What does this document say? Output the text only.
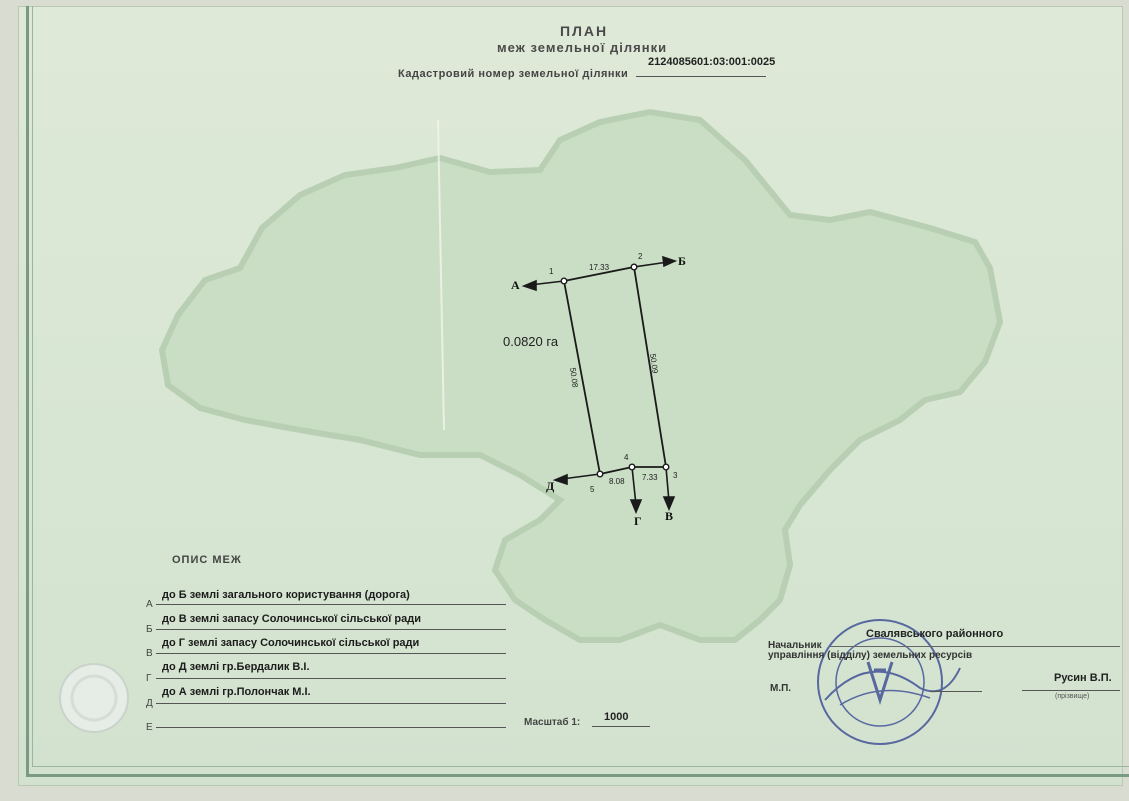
1
2
3
4
5
А
Б
В
Г
Д
17.33
8.08 7.33
50.08
50.09
ПЛАН
меж земельної ділянки
Кадастровий номер земельної ділянки
2124085601:03:001:0025
0.0820 га
ОПИС МЕЖ
А
до Б землі загального користування (дорога)
Б
до В землі запасу Солочинської сільської ради
В
до Г землі запасу Солочинської сільської ради
Г
до Д землі гр.Бердалик В.І.
Д
до А землі гр.Полончак М.І.
Е	Масштаб 1: 1000
Начальник
Свалявського районного
управління (відділу) земельних ресурсів
М.П.
Русин В.П.
(прізвище)
